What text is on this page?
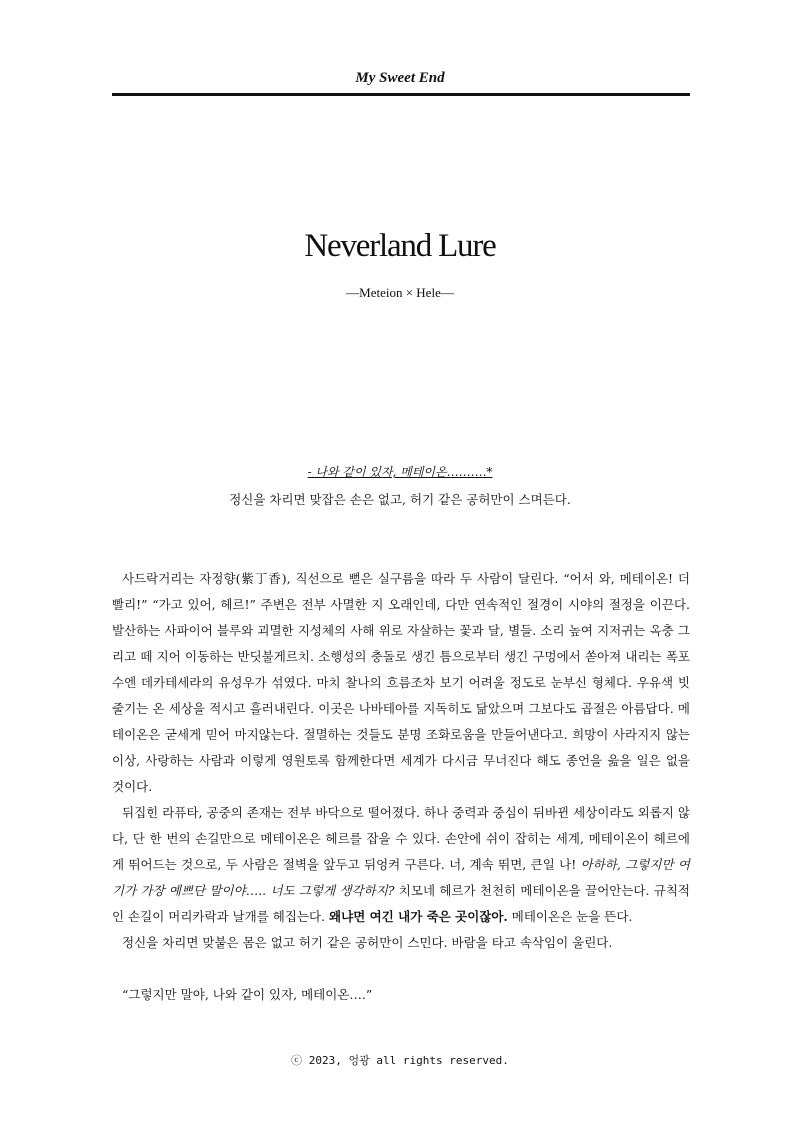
My Sweet End
Neverland Lure
—Meteion × Hele—
- 나와 같이 있자, 메테이온……….*
정신을 차리면 맞잡은 손은 없고, 허기 같은 공허만이 스며든다.

사드락거리는 자정향(紫丁香), 직선으로 뻗은 실구름을 따라 두 사람이 달린다. “어서 와, 메테이온! 더 빨리!” “가고 있어, 헤르!” 주변은 전부 사멸한 지 오래인데, 다만 연속적인 절경이 시야의 절정을 이끈다. 발산하는 사파이어 블루와 괴멸한 지성체의 사해 위로 자살하는 꽃과 달, 별들. 소리 높여 지저귀는 옥충 그리고 떼 지어 이동하는 반딧불게르치. 소행성의 충돌로 생긴 틈으로부터 생긴 구멍에서 쏟아져 내리는 폭포수엔 데카테세라의 유성우가 섞였다. 마치 찰나의 흐름조차 보기 어려울 정도로 눈부신 형체다. 우유색 빗줄기는 온 세상을 적시고 흘러내린다. 이곳은 나바테아를 지독히도 닮았으며 그보다도 곱절은 아름답다. 메테이온은 굳세게 믿어 마지않는다. 절멸하는 것들도 분명 조화로움을 만들어낸다고. 희망이 사라지지 않는 이상, 사랑하는 사람과 이렇게 영원토록 함께한다면 세계가 다시금 무너진다 해도 종언을 읊을 일은 없을 것이다.

뒤집힌 라퓨타, 공중의 존재는 전부 바닥으로 떨어졌다. 하나 중력과 중심이 뒤바뀐 세상이라도 외롭지 않다, 단 한 번의 손길만으로 메테이온은 헤르를 잡을 수 있다. 손안에 쉬이 잡히는 세계, 메테이온이 헤르에게 뛰어드는 것으로, 두 사람은 절벽을 앞두고 뒤엉켜 구른다. 너, 계속 뛰면, 큰일 나! 아하하, 그렇지만 여기가 가장 예쁘단 말이야….. 너도 그렇게 생각하지? 치모네 헤르가 천천히 메테이온을 끌어안는다. 규칙적인 손길이 머리카락과 날개를 헤집는다. 왜냐면 여긴 내가 죽은 곳이잖아. 메테이온은 눈을 뜬다.

정신을 차리면 맞붙은 몸은 없고 허기 같은 공허만이 스민다. 바람을 타고 속삭임이 울린다.

“그렇지만 말야, 나와 같이 있자, 메테이온….”

ⓒ 2023, 엉광 all rights reserved.
